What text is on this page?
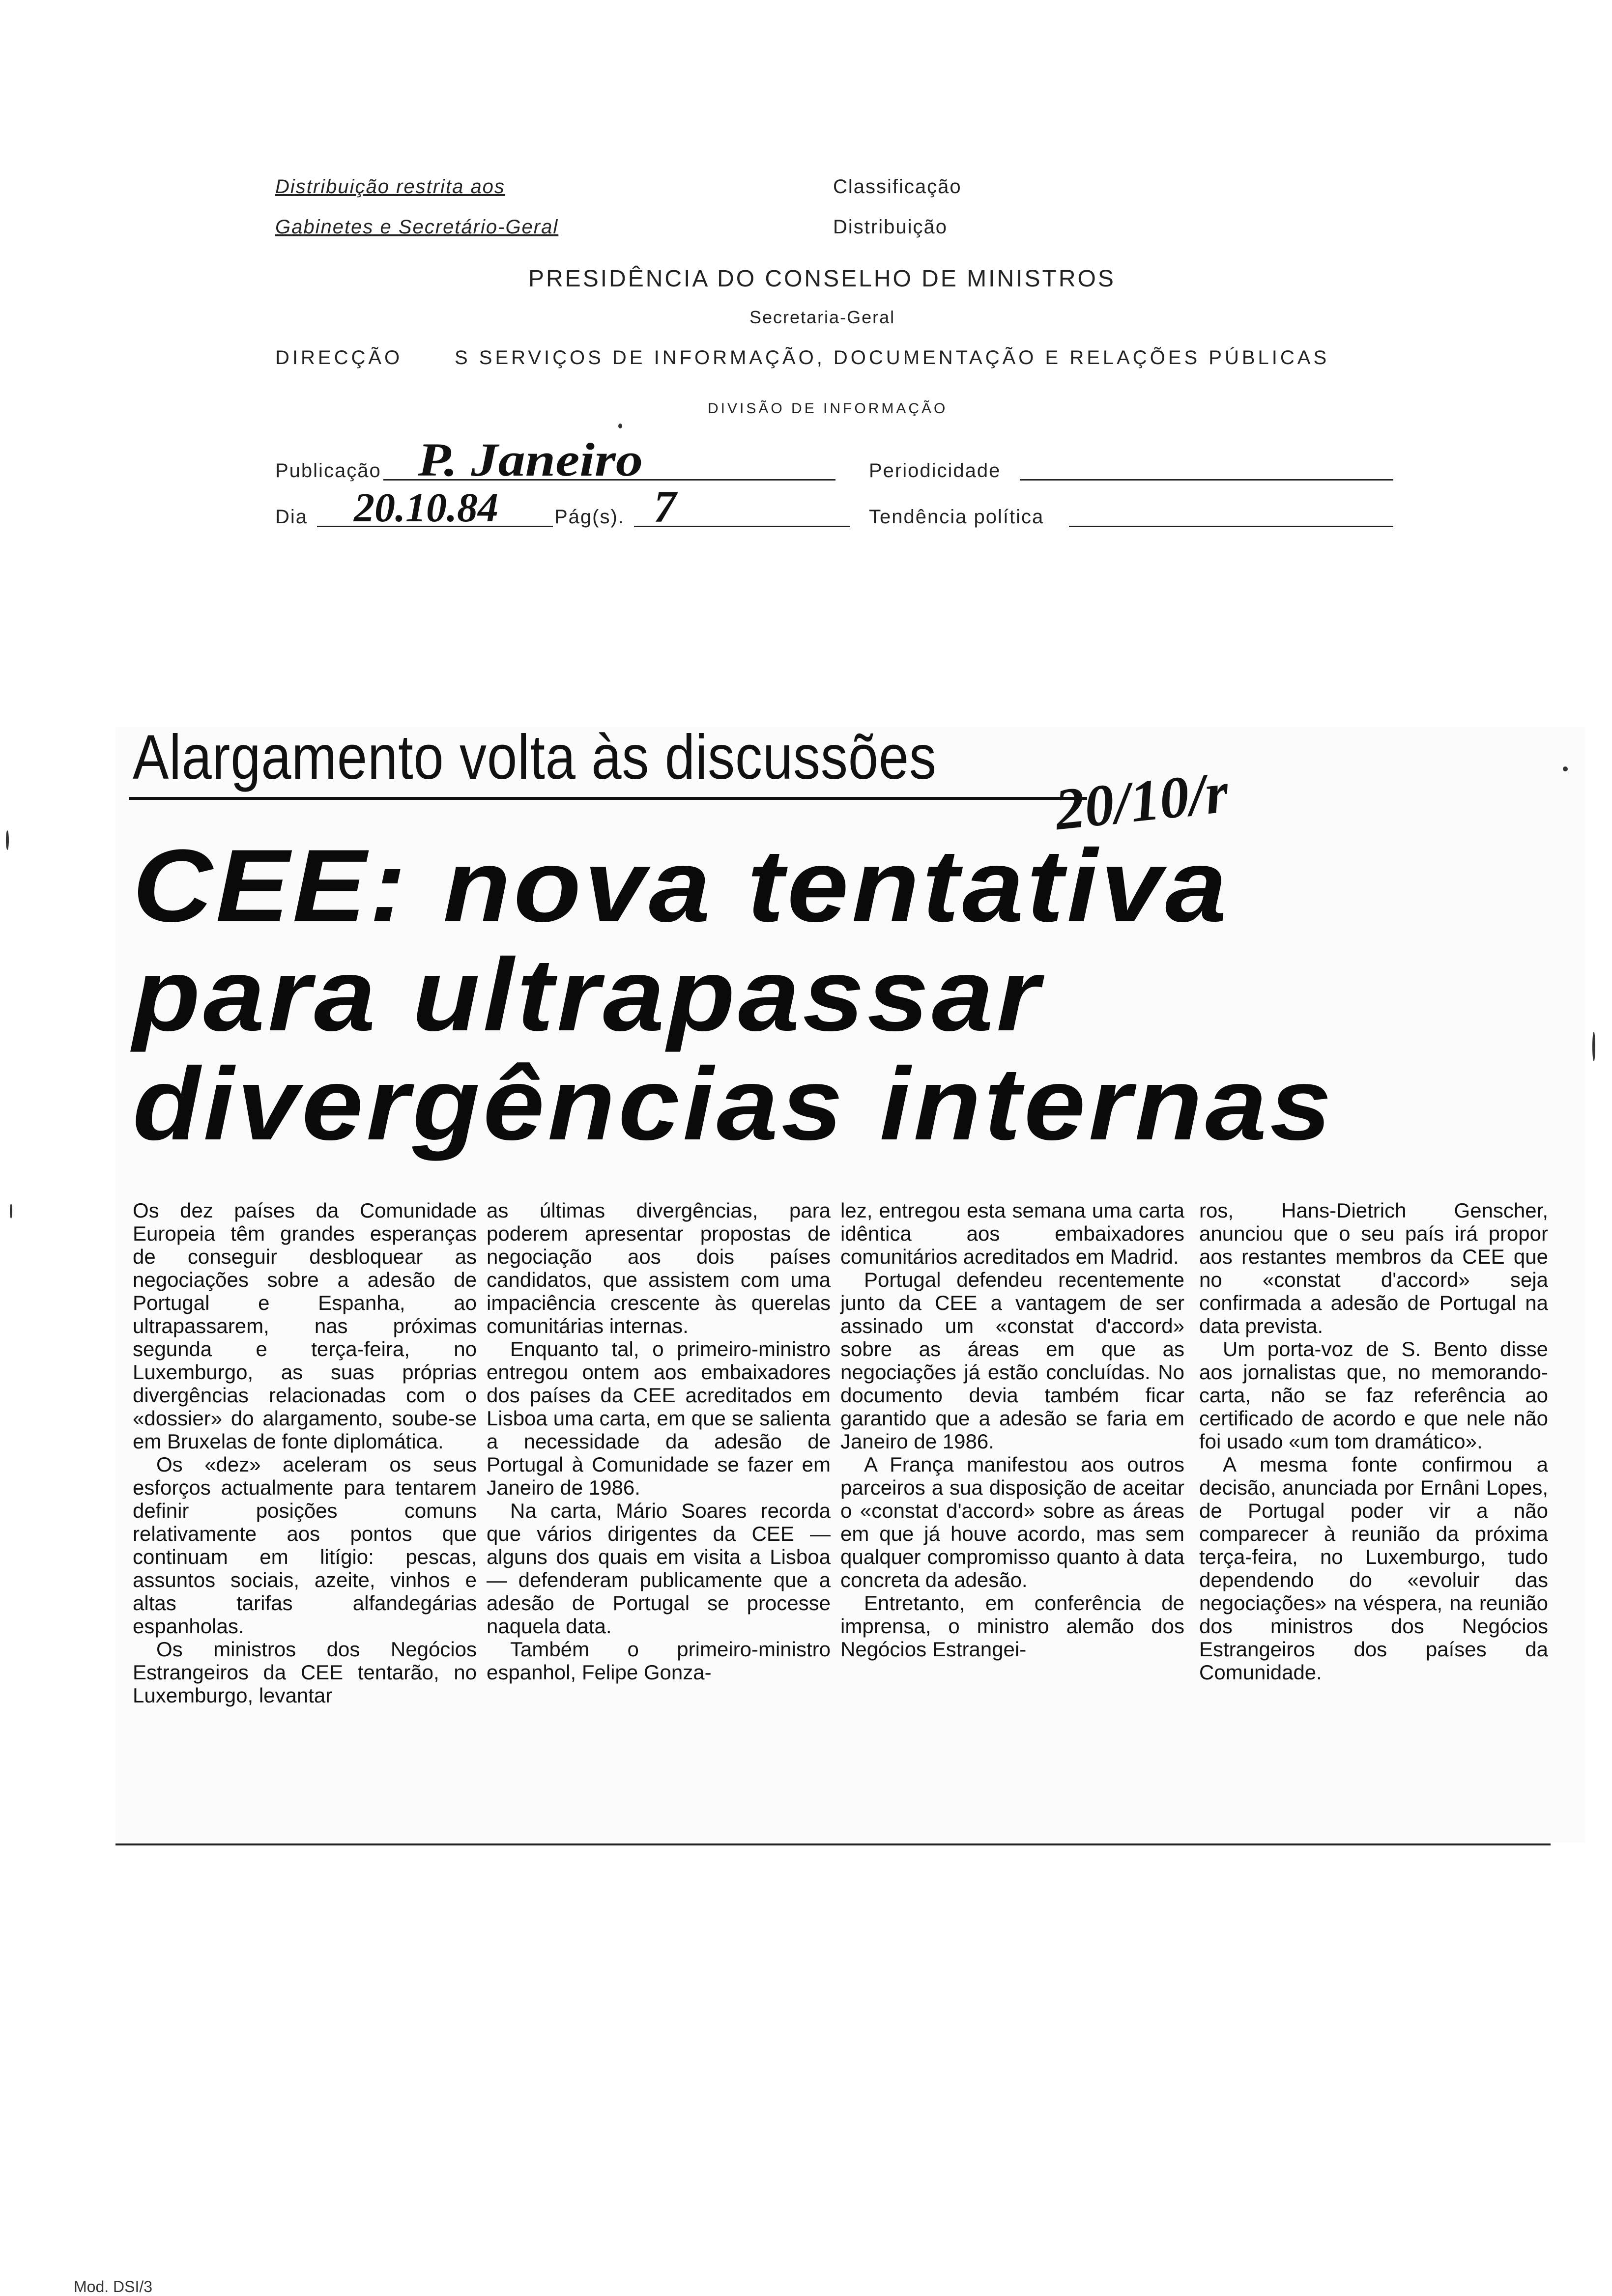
Distribuição restrita aos
Gabinetes e Secretário-Geral
Classificação
Distribuição
PRESIDÊNCIA DO CONSELHO DE MINISTROS
Secretaria-Geral
DIRECÇÃO	S SERVIÇOS DE INFORMAÇÃO, DOCUMENTAÇÃO E RELAÇÕES PÚBLICAS
DIVISÃO DE INFORMAÇÃO
Publicação P. Janeiro	Periodicidade
Dia 20.10.84	Pág(s). 7	Tendência política
Alargamento volta às discussões
20/10/r
CEE: nova tentativa
para ultrapassar
divergências internas

Os dez países da Comunidade Europeia têm grandes esperanças de conseguir desbloquear as negociações sobre a adesão de Portugal e Espanha, ao ultrapassarem, nas próximas segunda e terça-feira, no Luxemburgo, as suas próprias divergências relacionadas com o «dossier» do alargamento, soube-se em Bruxelas de fonte diplomática.

Os «dez» aceleram os seus esforços actualmente para tentarem definir posições comuns relativamente aos pontos que continuam em litígio: pescas, assuntos sociais, azeite, vinhos e altas tarifas alfandegárias espanholas.

Os ministros dos Negócios Estrangeiros da CEE tentarão, no Luxemburgo, levantar

as últimas divergências, para poderem apresentar propostas de negociação aos dois países candidatos, que assistem com uma impaciência crescente às querelas comunitárias internas.

Enquanto tal, o primeiro-ministro entregou ontem aos embaixadores dos países da CEE acreditados em Lisboa uma carta, em que se salienta a necessidade da adesão de Portugal à Comunidade se fazer em Janeiro de 1986.

Na carta, Mário Soares recorda que vários dirigentes da CEE — alguns dos quais em visita a Lisboa — defenderam publicamente que a adesão de Portugal se processe naquela data.

Também o primeiro-ministro espanhol, Felipe Gonza-

lez, entregou esta semana uma carta idêntica aos embaixadores comunitários acreditados em Madrid.

Portugal defendeu recentemente junto da CEE a vantagem de ser assinado um «constat d'accord» sobre as áreas em que as negociações já estão concluídas. No documento devia também ficar garantido que a adesão se faria em Janeiro de 1986.

A França manifestou aos outros parceiros a sua disposição de aceitar o «constat d'accord» sobre as áreas em que já houve acordo, mas sem qualquer compromisso quanto à data concreta da adesão.

Entretanto, em conferência de imprensa, o ministro alemão dos Negócios Estrangei-

ros, Hans-Dietrich Genscher, anunciou que o seu país irá propor aos restantes membros da CEE que no «constat d'accord» seja confirmada a adesão de Portugal na data prevista.

Um porta-voz de S. Bento disse aos jornalistas que, no memorando-carta, não se faz referência ao certificado de acordo e que nele não foi usado «um tom dramático».

A mesma fonte confirmou a decisão, anunciada por Ernâni Lopes, de Portugal poder vir a não comparecer à reunião da próxima terça-feira, no Luxemburgo, tudo dependendo do «evoluir das negociações» na véspera, na reunião dos ministros dos Negócios Estrangeiros dos países da Comunidade.

Mod. DSI/3
